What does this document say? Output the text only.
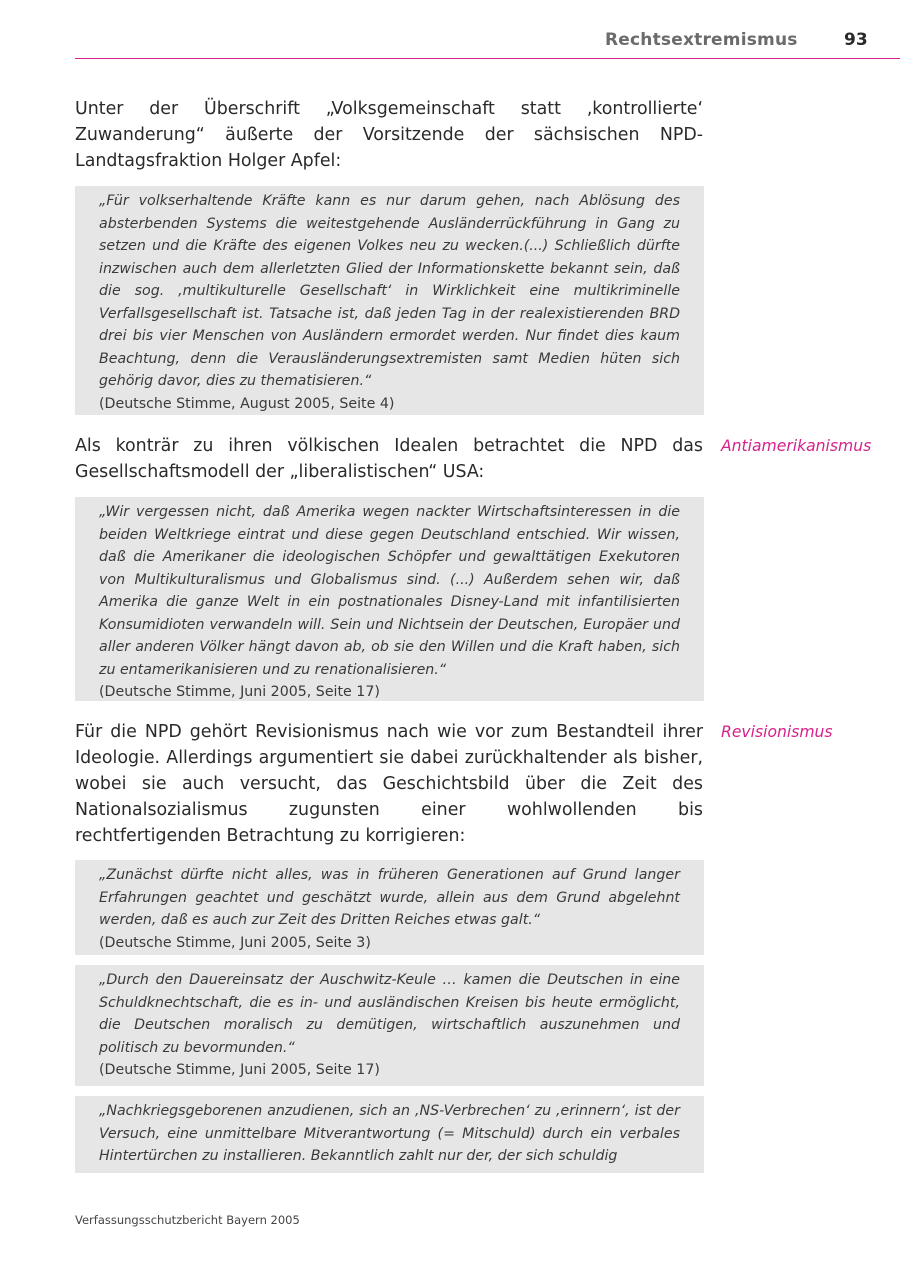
Rechtsextremismus	93

Unter der Überschrift „Volksgemeinschaft statt ‚kontrollierte‘ Zuwanderung“ äußerte der Vorsitzende der sächsischen NPD-Landtagsfraktion Holger Apfel:

„Für volkserhaltende Kräfte kann es nur darum gehen, nach Ablösung des absterbenden Systems die weitestgehende Ausländerrückführung in Gang zu setzen und die Kräfte des eigenen Volkes neu zu wecken.(...) Schließlich dürfte inzwischen auch dem allerletzten Glied der Informationskette bekannt sein, daß die sog. ‚multikulturelle Gesellschaft‘ in Wirklichkeit eine multikriminelle Verfallsgesellschaft ist. Tatsache ist, daß jeden Tag in der realexistierenden BRD drei bis vier Menschen von Ausländern ermordet werden. Nur findet dies kaum Beachtung, denn die Verausländerungsextremisten samt Medien hüten sich gehörig davor, dies zu thematisieren.“

(Deutsche Stimme, August 2005, Seite 4)

Als konträr zu ihren völkischen Idealen betrachtet die NPD das Gesellschaftsmodell der „liberalistischen“ USA:

Antiamerikanismus

„Wir vergessen nicht, daß Amerika wegen nackter Wirtschaftsinteressen in die beiden Weltkriege eintrat und diese gegen Deutschland entschied. Wir wissen, daß die Amerikaner die ideologischen Schöpfer und gewalttätigen Exekutoren von Multikulturalismus und Globalismus sind. (...) Außerdem sehen wir, daß Amerika die ganze Welt in ein postnationales Disney-Land mit infantilisierten Konsumidioten verwandeln will. Sein und Nichtsein der Deutschen, Europäer und aller anderen Völker hängt davon ab, ob sie den Willen und die Kraft haben, sich zu entamerikanisieren und zu renationalisieren.“

(Deutsche Stimme, Juni 2005, Seite 17)

Für die NPD gehört Revisionismus nach wie vor zum Bestandteil ihrer Ideologie. Allerdings argumentiert sie dabei zurückhaltender als bisher, wobei sie auch versucht, das Geschichtsbild über die Zeit des Nationalsozialismus zugunsten einer wohlwollenden bis rechtfertigenden Betrachtung zu korrigieren:

Revisionismus

„Zunächst dürfte nicht alles, was in früheren Generationen auf Grund langer Erfahrungen geachtet und geschätzt wurde, allein aus dem Grund abgelehnt werden, daß es auch zur Zeit des Dritten Reiches etwas galt.“

(Deutsche Stimme, Juni 2005, Seite 3)

„Durch den Dauereinsatz der Auschwitz-Keule … kamen die Deutschen in eine Schuldknechtschaft, die es in- und ausländischen Kreisen bis heute ermöglicht, die Deutschen moralisch zu demütigen, wirtschaftlich auszunehmen und politisch zu bevormunden.“

(Deutsche Stimme, Juni 2005, Seite 17)

„Nachkriegsgeborenen anzudienen, sich an ‚NS-Verbrechen‘ zu ‚erinnern‘, ist der Versuch, eine unmittelbare Mitverantwortung (= Mitschuld) durch ein verbales Hintertürchen zu installieren. Bekanntlich zahlt nur der, der sich schuldig

Verfassungsschutzbericht Bayern 2005
